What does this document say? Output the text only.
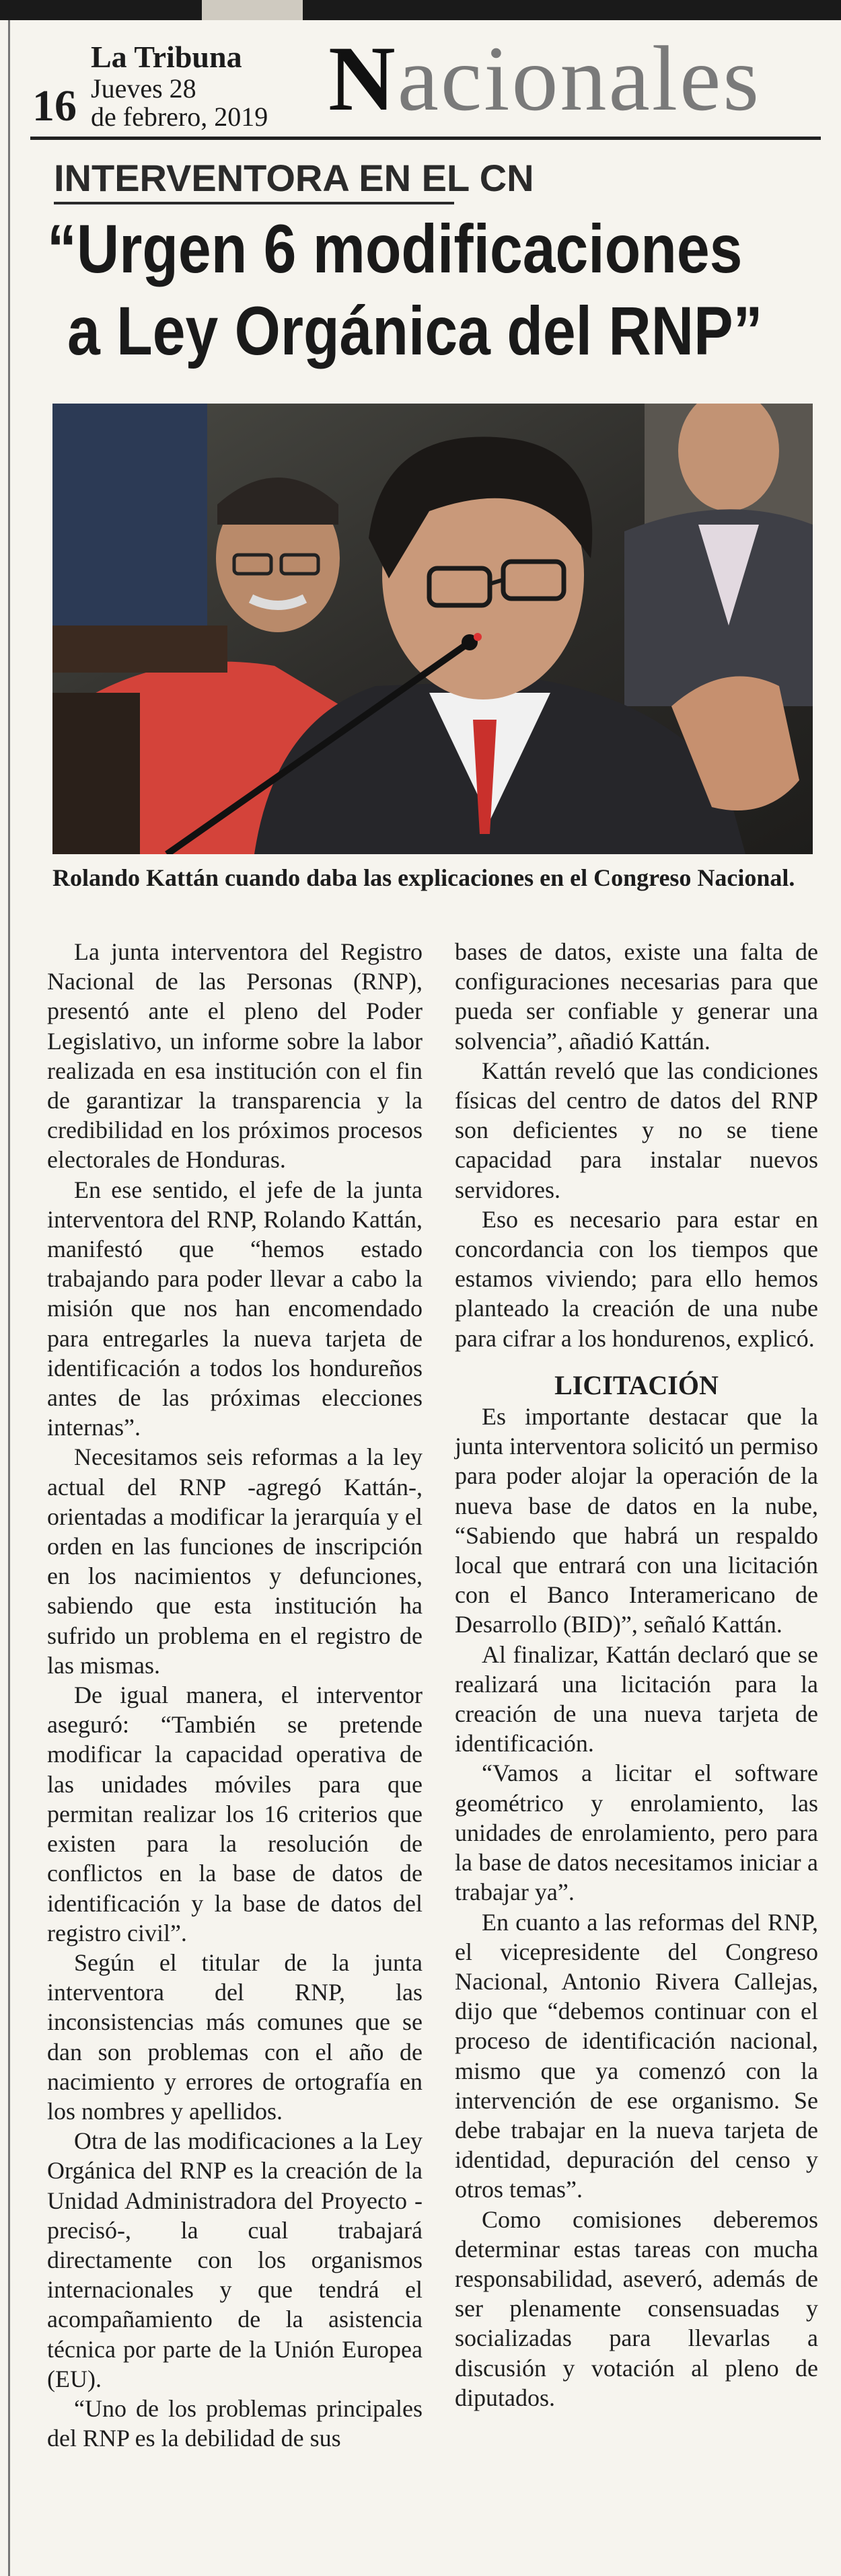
La Tribuna
16 Jueves 28
de febrero, 2019 Nacionales
INTERVENTORA EN EL CN
“Urgen 6 modificaciones
a Ley Orgánica del RNP”
Rolando Kattán cuando daba las explicaciones en el Congreso Nacional.

La junta interventora del Registro Nacional de las Personas (RNP), presentó ante el pleno del Poder Legislativo, un informe sobre la labor realizada en esa institución con el fin de garantizar la transparencia y la credibilidad en los próximos procesos electorales de Honduras.

En ese sentido, el jefe de la junta interventora del RNP, Rolando Kattán, manifestó que “hemos estado trabajando para poder llevar a cabo la misión que nos han encomendado para entregarles la nueva tarjeta de identificación a todos los hondureños antes de las próximas elecciones internas”.

Necesitamos seis reformas a la ley actual del RNP -agregó Kattán-, orientadas a modificar la jerarquía y el orden en las funciones de inscripción en los nacimientos y defunciones, sabiendo que esta institución ha sufrido un problema en el registro de las mismas.

De igual manera, el interventor aseguró: “También se pretende modificar la capacidad operativa de las unidades móviles para que permitan realizar los 16 criterios que existen para la resolución de conflictos en la base de datos de identificación y la base de datos del registro civil”.

Según el titular de la junta interventora del RNP, las inconsistencias más comunes que se dan son problemas con el año de nacimiento y errores de ortografía en los nombres y apellidos.

Otra de las modificaciones a la Ley Orgánica del RNP es la creación de la Unidad Administradora del Proyecto -precisó-, la cual trabajará directamente con los organismos internacionales y que tendrá el acompañamiento de la asistencia técnica por parte de la Unión Europea (EU).

“Uno de los problemas principales del RNP es la debilidad de sus

bases de datos, existe una falta de configuraciones necesarias para que pueda ser confiable y generar una solvencia”, añadió Kattán.

Kattán reveló que las condiciones físicas del centro de datos del RNP son deficientes y no se tiene capacidad para instalar nuevos servidores.

Eso es necesario para estar en concordancia con los tiempos que estamos viviendo; para ello hemos planteado la creación de una nube para cifrar a los hondurenos, explicó.

LICITACIÓN

Es importante destacar que la junta interventora solicitó un permiso para poder alojar la operación de la nueva base de datos en la nube, “Sabiendo que habrá un respaldo local que entrará con una licitación con el Banco Interamericano de Desarrollo (BID)”, señaló Kattán.

Al finalizar, Kattán declaró que se realizará una licitación para la creación de una nueva tarjeta de identificación.

“Vamos a licitar el software geométrico y enrolamiento, las unidades de enrolamiento, pero para la base de datos necesitamos iniciar a trabajar ya”.

En cuanto a las reformas del RNP, el vicepresidente del Congreso Nacional, Antonio Rivera Callejas, dijo que “debemos continuar con el proceso de identificación nacional, mismo que ya comenzó con la intervención de ese organismo. Se debe trabajar en la nueva tarjeta de identidad, depuración del censo y otros temas”.

Como comisiones deberemos determinar estas tareas con mucha responsabilidad, aseveró, además de ser plenamente consensuadas y socializadas para llevarlas a discusión y votación al pleno de diputados.
